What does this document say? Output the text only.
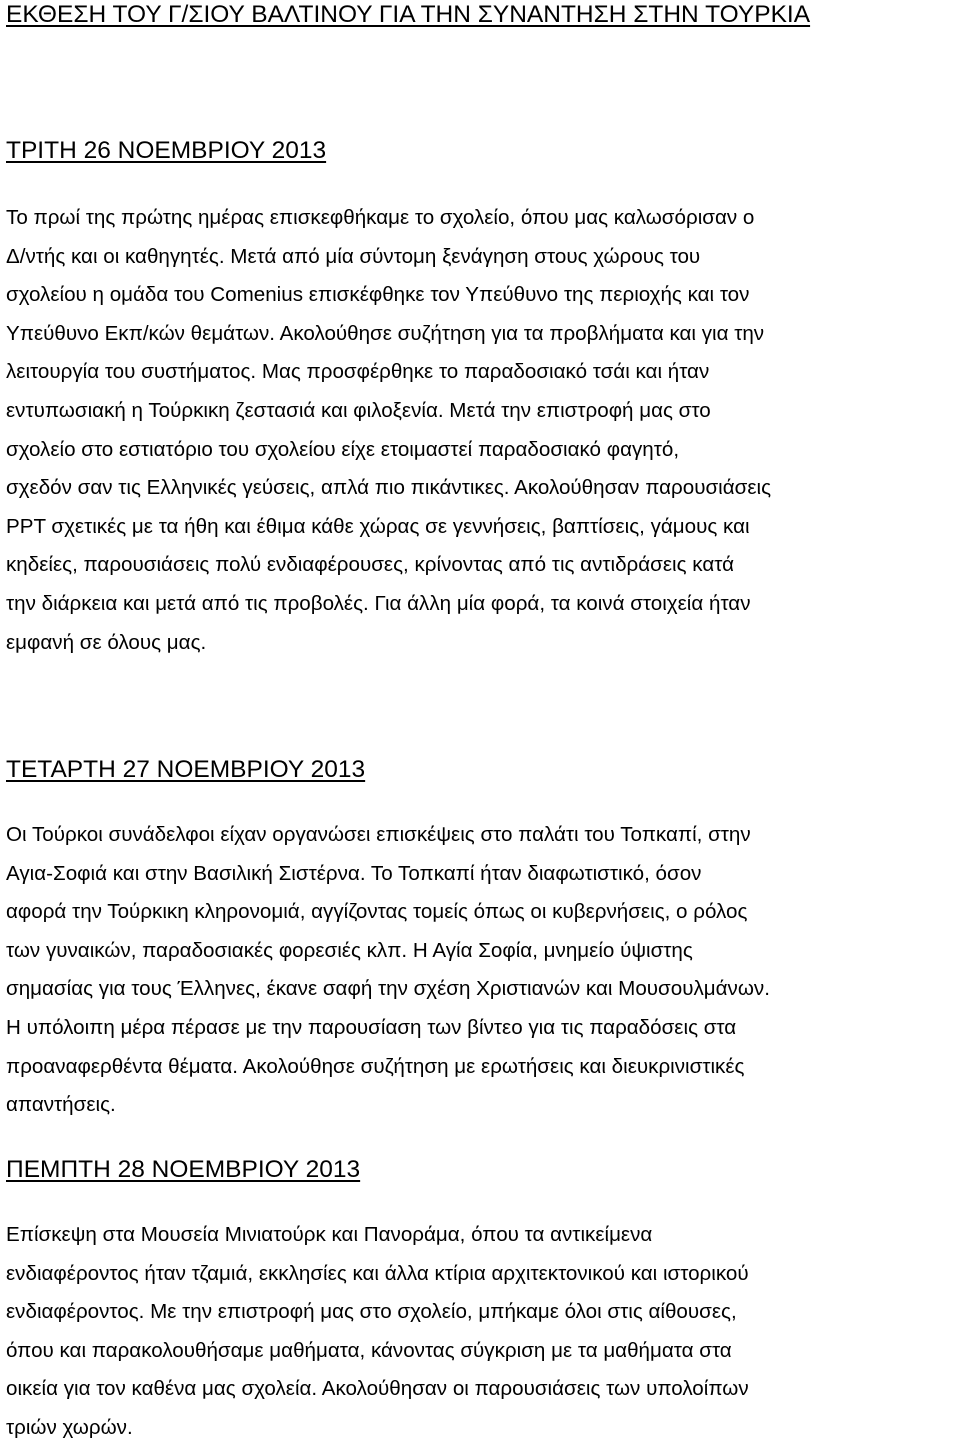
ΕΚΘΕΣΗ ΤΟΥ Γ/ΣΙΟΥ ΒΑΛΤΙΝΟΥ ΓΙΑ ΤΗΝ ΣΥΝΑΝΤΗΣΗ ΣΤΗΝ ΤΟΥΡΚΙΑ
ΤΡΙΤΗ 26 ΝΟΕΜΒΡΙΟΥ 2013
Το πρωί της πρώτης ημέρας επισκεφθήκαμε το σχολείο, όπου μας καλωσόρισαν ο
Δ/ντής και οι καθηγητές. Μετά από μία σύντομη ξενάγηση στους χώρους του
σχολείου η ομάδα του Comenius επισκέφθηκε τον Υπεύθυνο της περιοχής και τον
Υπεύθυνο Εκπ/κών θεμάτων. Ακολούθησε συζήτηση για τα προβλήματα και για την
λειτουργία του συστήματος. Μας προσφέρθηκε το παραδοσιακό τσάι και ήταν
εντυπωσιακή η Τούρκικη ζεστασιά και φιλοξενία. Μετά την επιστροφή μας στο
σχολείο στο εστιατόριο του σχολείου είχε ετοιμαστεί παραδοσιακό φαγητό,
σχεδόν σαν τις Ελληνικές γεύσεις, απλά πιο πικάντικες. Ακολούθησαν παρουσιάσεις
PPT σχετικές με τα ήθη και έθιμα κάθε χώρας σε γεννήσεις, βαπτίσεις, γάμους και
κηδείες, παρουσιάσεις πολύ ενδιαφέρουσες, κρίνοντας από τις αντιδράσεις κατά
την διάρκεια και μετά από τις προβολές. Για άλλη μία φορά, τα κοινά στοιχεία ήταν
εμφανή σε όλους μας.
ΤΕΤΑΡΤΗ 27 ΝΟΕΜΒΡΙΟΥ 2013
Οι Τούρκοι συνάδελφοι είχαν οργανώσει επισκέψεις στο παλάτι του Τοπκαπί, στην
Αγια-Σοφιά και στην Βασιλική Σιστέρνα. Το Τοπκαπί ήταν διαφωτιστικό, όσον
αφορά την Τούρκικη κληρονομιά, αγγίζοντας τομείς όπως οι κυβερνήσεις, ο ρόλος
των γυναικών, παραδοσιακές φορεσιές κλπ. Η Αγία Σοφία, μνημείο ύψιστης
σημασίας για τους Έλληνες, έκανε σαφή την σχέση Χριστιανών και Μουσουλμάνων.
Η υπόλοιπη μέρα πέρασε με την παρουσίαση των βίντεο για τις παραδόσεις στα
προαναφερθέντα θέματα. Ακολούθησε συζήτηση με ερωτήσεις και διευκρινιστικές
απαντήσεις.
ΠΕΜΠΤΗ 28 ΝΟΕΜΒΡΙΟΥ 2013
Επίσκεψη στα Μουσεία Μινιατούρκ και Πανοράμα, όπου τα αντικείμενα
ενδιαφέροντος ήταν τζαμιά, εκκλησίες και άλλα κτίρια αρχιτεκτονικού και ιστορικού
ενδιαφέροντος. Με την επιστροφή μας στο σχολείο, μπήκαμε όλοι στις αίθουσες,
όπου και παρακολουθήσαμε μαθήματα, κάνοντας σύγκριση με τα μαθήματα στα
οικεία για τον καθένα μας σχολεία. Ακολούθησαν οι παρουσιάσεις των υπολοίπων
τριών χωρών.
